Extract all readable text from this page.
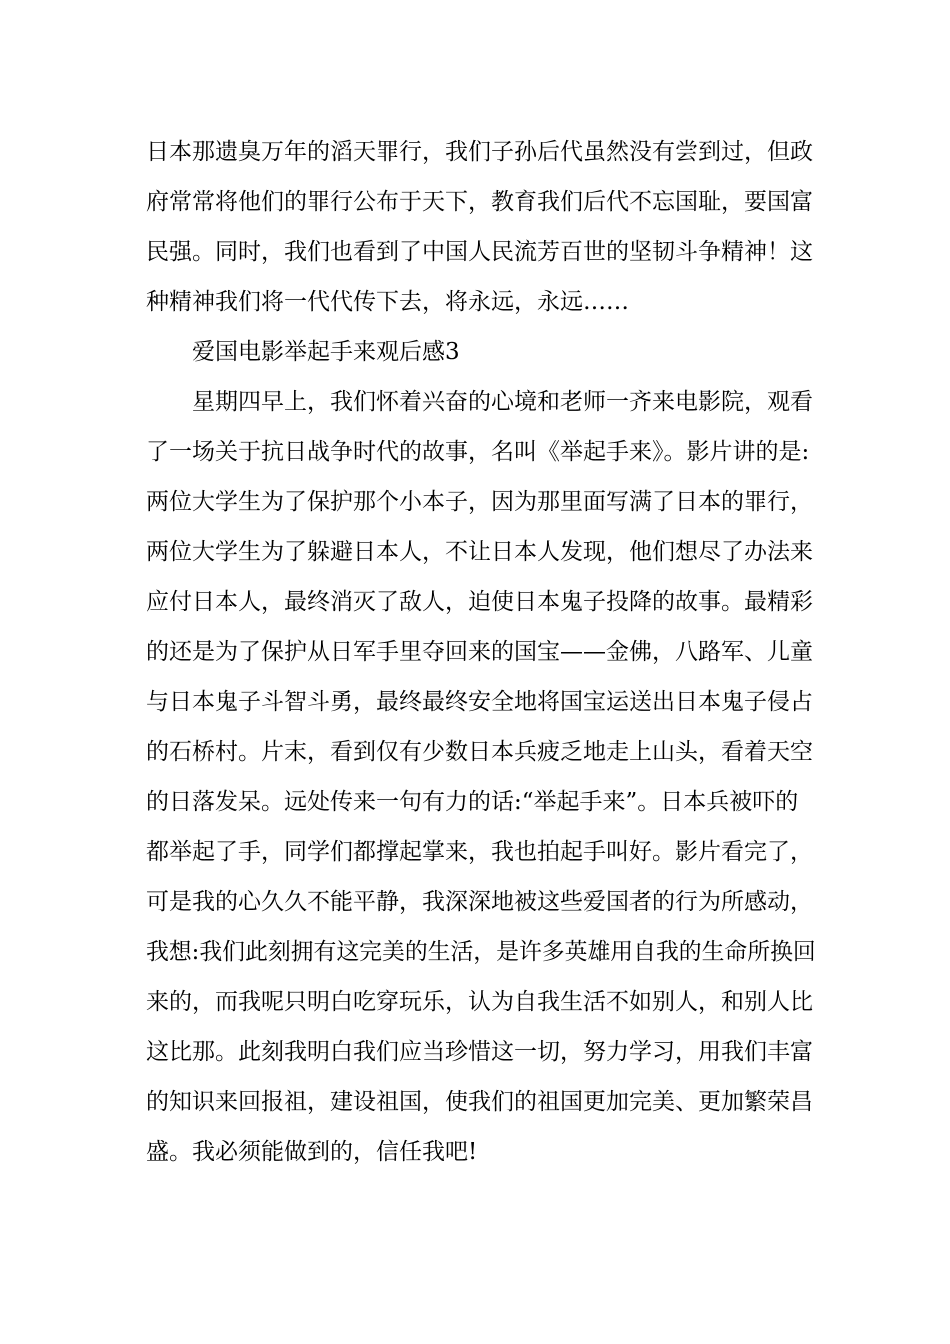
日本那遗臭万年的滔天罪行，我们子孙后代虽然没有尝到过，但政
府常常将他们的罪行公布于天下，教育我们后代不忘国耻，要国富
民强。同时，我们也看到了中国人民流芳百世的坚韧斗争精神！这
种精神我们将一代代传下去，将永远，永远……
爱国电影举起手来观后感3
星期四早上，我们怀着兴奋的心境和老师一齐来电影院，观看
了一场关于抗日战争时代的故事，名叫《举起手来》。影片讲的是:
两位大学生为了保护那个小本子，因为那里面写满了日本的罪行，
两位大学生为了躲避日本人，不让日本人发现，他们想尽了办法来
应付日本人，最终消灭了敌人，迫使日本鬼子投降的故事。最精彩
的还是为了保护从日军手里夺回来的国宝——金佛，八路军、儿童
与日本鬼子斗智斗勇，最终最终安全地将国宝运送出日本鬼子侵占
的石桥村。片末，看到仅有少数日本兵疲乏地走上山头，看着天空
的日落发呆。远处传来一句有力的话:“举起手来”。日本兵被吓的
都举起了手，同学们都撑起掌来，我也拍起手叫好。影片看完了，
可是我的心久久不能平静，我深深地被这些爱国者的行为所感动，
我想:我们此刻拥有这完美的生活，是许多英雄用自我的生命所换回
来的，而我呢只明白吃穿玩乐，认为自我生活不如别人，和别人比
这比那。此刻我明白我们应当珍惜这一切，努力学习，用我们丰富
的知识来回报祖，建设祖国，使我们的祖国更加完美、更加繁荣昌
盛。我必须能做到的，信任我吧!
